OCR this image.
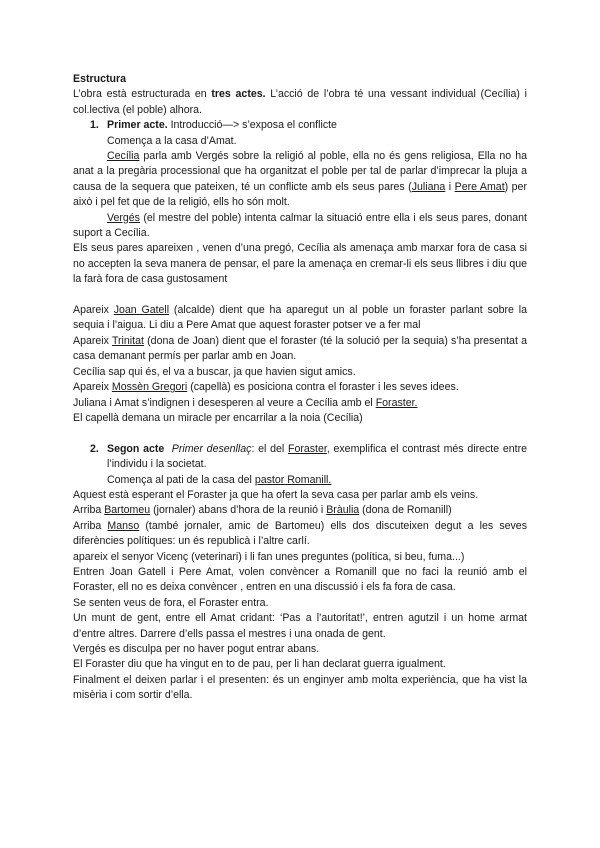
Estructura

L’obra està estructurada en tres actes. L’acció de l’obra té una vessant individual (Cecília) i col.lectiva (el poble) alhora.

1. Primer acte. Introducció—> s’exposa el conflicte

Comença a la casa d’Amat.

Cecília parla amb Vergés sobre la religió al poble, ella no és gens religiosa, Ella no ha anat a la pregària processional que ha organitzat el poble per tal de parlar d’imprecar la pluja a causa de la sequera que pateixen, té un conflicte amb els seus pares (Juliana i Pere Amat) per això i pel fet que de la religió, ells ho són molt.

Vergés (el mestre del poble) intenta calmar la situació entre ella i els seus pares, donant suport a Cecília.

Els seus pares apareixen , venen d’una pregó, Cecília als amenaça amb marxar fora de casa si no accepten la seva manera de pensar, el pare la amenaça en cremar-li els seus llibres i diu que la farà fora de casa gustosament

Apareix Joan Gatell (alcalde) dient que ha aparegut un al poble un foraster parlant sobre la sequia i l’aigua. Li diu a Pere Amat que aquest foraster potser ve a fer mal

Apareix Trinitat (dona de Joan) dient que el foraster (té la solució per la sequia) s’ha presentat a casa demanant permís per parlar amb en Joan.

Cecília sap qui és, el va a buscar, ja que havien sigut amics.

Apareix Mossèn Gregori (capellà) es posiciona contra el foraster i les seves idees.

Juliana i Amat s’indignen i desesperen al veure a Cecília amb el Foraster.

El capellà demana un miracle per encarrilar a la noia (Cecília)

2. Segon acte Primer desenllaç: el del Foraster, exemplifica el contrast més directe entre l’individu i la societat.

Comença al pati de la casa del pastor Romanill.

Aquest està esperant el Foraster ja que ha ofert la seva casa per parlar amb els veins.

Arriba Bartomeu (jornaler) abans d’hora de la reunió i Bràulia (dona de Romanill)

Arriba Manso (també jornaler, amic de Bartomeu) ells dos discuteixen degut a les seves diferències polítiques: un és republicà i l’altre carlí.

apareix el senyor Vicenç (veterinari) i li fan unes preguntes (política, si beu, fuma...)

Entren Joan Gatell i Pere Amat, volen convèncer a Romanill que no faci la reunió amb el Foraster, ell no es deixa convèncer , entren en una discussió i els fa fora de casa.

Se senten veus de fora, el Foraster entra.

Un munt de gent, entre ell Amat cridant: ‘Pas a l’autoritat!’, entren agutzil i un home armat d’entre altres. Darrere d’ells passa el mestres i una onada de gent.

Vergés es disculpa per no haver pogut entrar abans.

El Foraster diu que ha vingut en to de pau, per li han declarat guerra igualment.

Finalment el deixen parlar i el presenten: és un enginyer amb molta experiència, que ha vist la misèria i com sortir d’ella.
